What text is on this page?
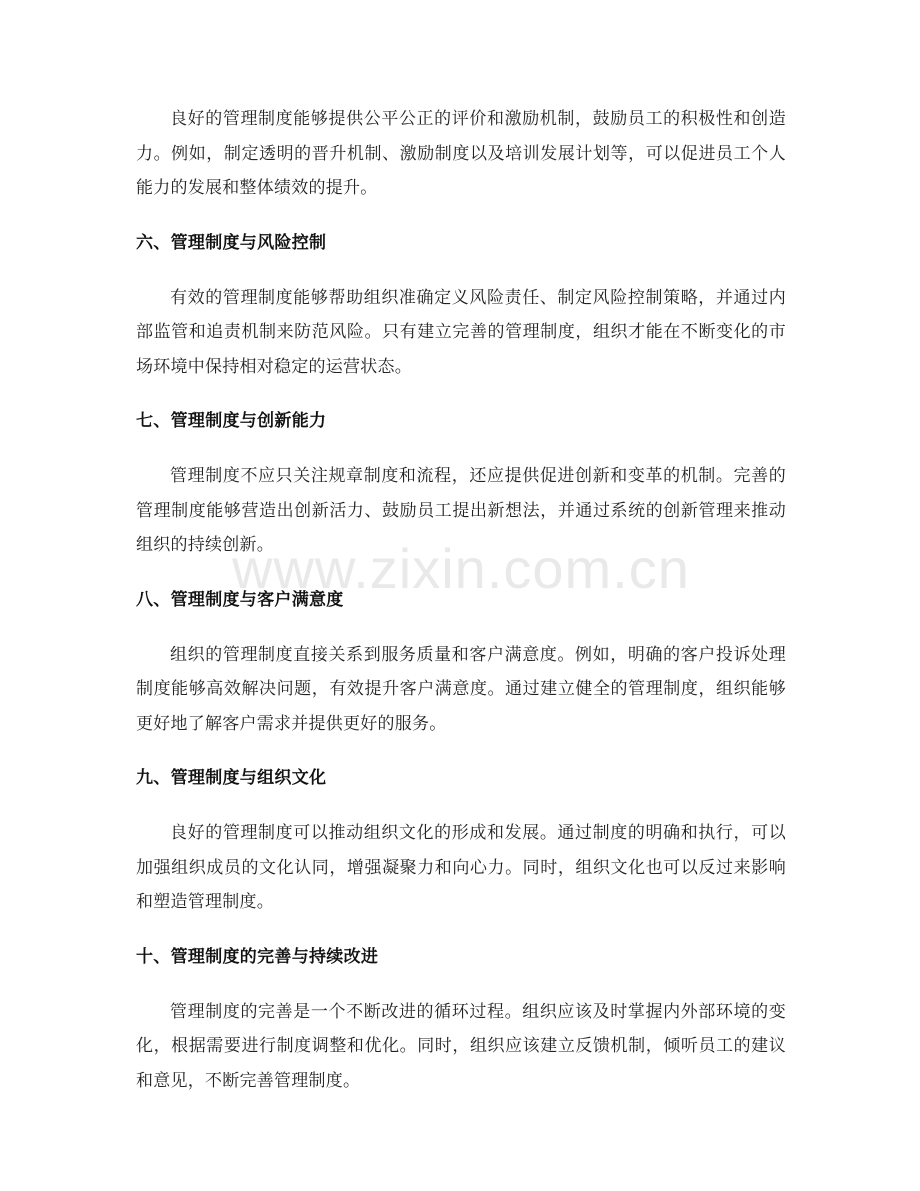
良好的管理制度能够提供公平公正的评价和激励机制，鼓励员工的积极性和创造力。例如，制定透明的晋升机制、激励制度以及培训发展计划等，可以促进员工个人能力的发展和整体绩效的提升。

六、管理制度与风险控制

有效的管理制度能够帮助组织准确定义风险责任、制定风险控制策略，并通过内部监管和追责机制来防范风险。只有建立完善的管理制度，组织才能在不断变化的市场环境中保持相对稳定的运营状态。

七、管理制度与创新能力

管理制度不应只关注规章制度和流程，还应提供促进创新和变革的机制。完善的管理制度能够营造出创新活力、鼓励员工提出新想法，并通过系统的创新管理来推动组织的持续创新。

八、管理制度与客户满意度

组织的管理制度直接关系到服务质量和客户满意度。例如，明确的客户投诉处理制度能够高效解决问题，有效提升客户满意度。通过建立健全的管理制度，组织能够更好地了解客户需求并提供更好的服务。

九、管理制度与组织文化

良好的管理制度可以推动组织文化的形成和发展。通过制度的明确和执行，可以加强组织成员的文化认同，增强凝聚力和向心力。同时，组织文化也可以反过来影响和塑造管理制度。

十、管理制度的完善与持续改进

管理制度的完善是一个不断改进的循环过程。组织应该及时掌握内外部环境的变化，根据需要进行制度调整和优化。同时，组织应该建立反馈机制，倾听员工的建议和意见，不断完善管理制度。

www.zixin.com.cn
